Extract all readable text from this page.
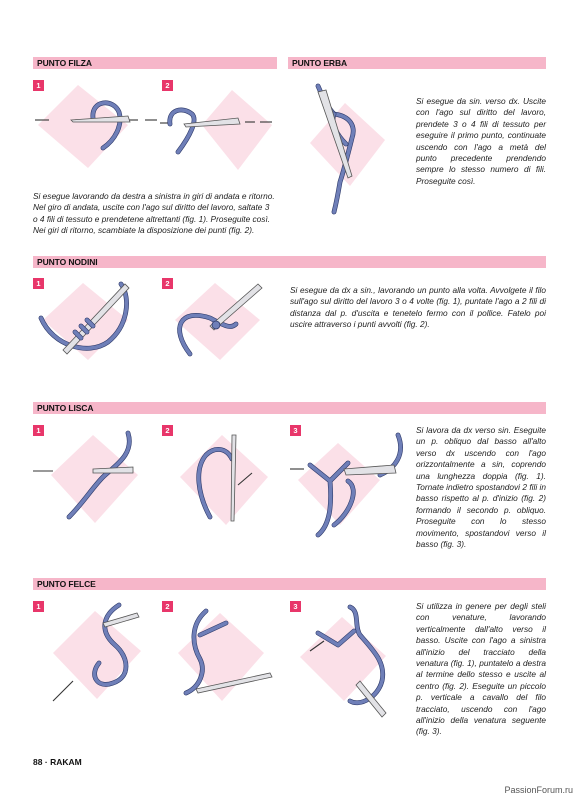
PUNTO FILZA
1	2

Si esegue lavorando da destra a sinistra in giri di andata e ritorno. Nel giro di andata, uscite con l'ago sul diritto del lavoro, saltate 3 o 4 fili di tessuto e prendetene altrettanti (fig. 1). Proseguite così. Nei giri di ritorno, scambiate la disposizione dei punti (fig. 2).

PUNTO ERBA

Si esegue da sin. verso dx. Uscite con l'ago sul diritto del lavoro, prendete 3 o 4 fili di tessuto per eseguire il primo punto, continuate uscendo con l'ago a metà del punto precedente prendendo sempre lo stesso numero di fili. Proseguite così.

PUNTO NODINI
1	2

Si esegue da dx a sin., lavorando un punto alla volta. Avvolgete il filo sull'ago sul diritto del lavoro 3 o 4 volte (fig. 1), puntate l'ago a 2 fili di distanza dal p. d'uscita e tenetelo fermo con il pollice. Fatelo poi uscire attraverso i punti avvolti (fig. 2).

PUNTO LISCA
1	2	3	Si lavora da dx verso sin. Eseguite un p. obliquo dal basso all'alto verso dx uscendo con l'ago orizzontalmente a sin, coprendo una lunghezza doppia (fig. 1). Tornate indietro spostandovi 2 fili in basso rispetto al p. d'inizio (fig. 2) formando il secondo p. obliquo. Proseguite con lo stesso movimento, spostandovi verso il basso (fig. 3).

PUNTO FELCE
1	2	3	Si utilizza in genere per degli steli con venature, lavorando verticalmente dall'alto verso il basso. Uscite con l'ago a sinistra all'inizio del tracciato della venatura (fig. 1), puntatelo a destra al termine dello stesso e uscite al centro (fig. 2). Eseguite un piccolo p. verticale a cavallo del filo tracciato, uscendo con l'ago all'inizio della venatura seguente (fig. 3).

88 · RAKAM
PassionForum.ru
